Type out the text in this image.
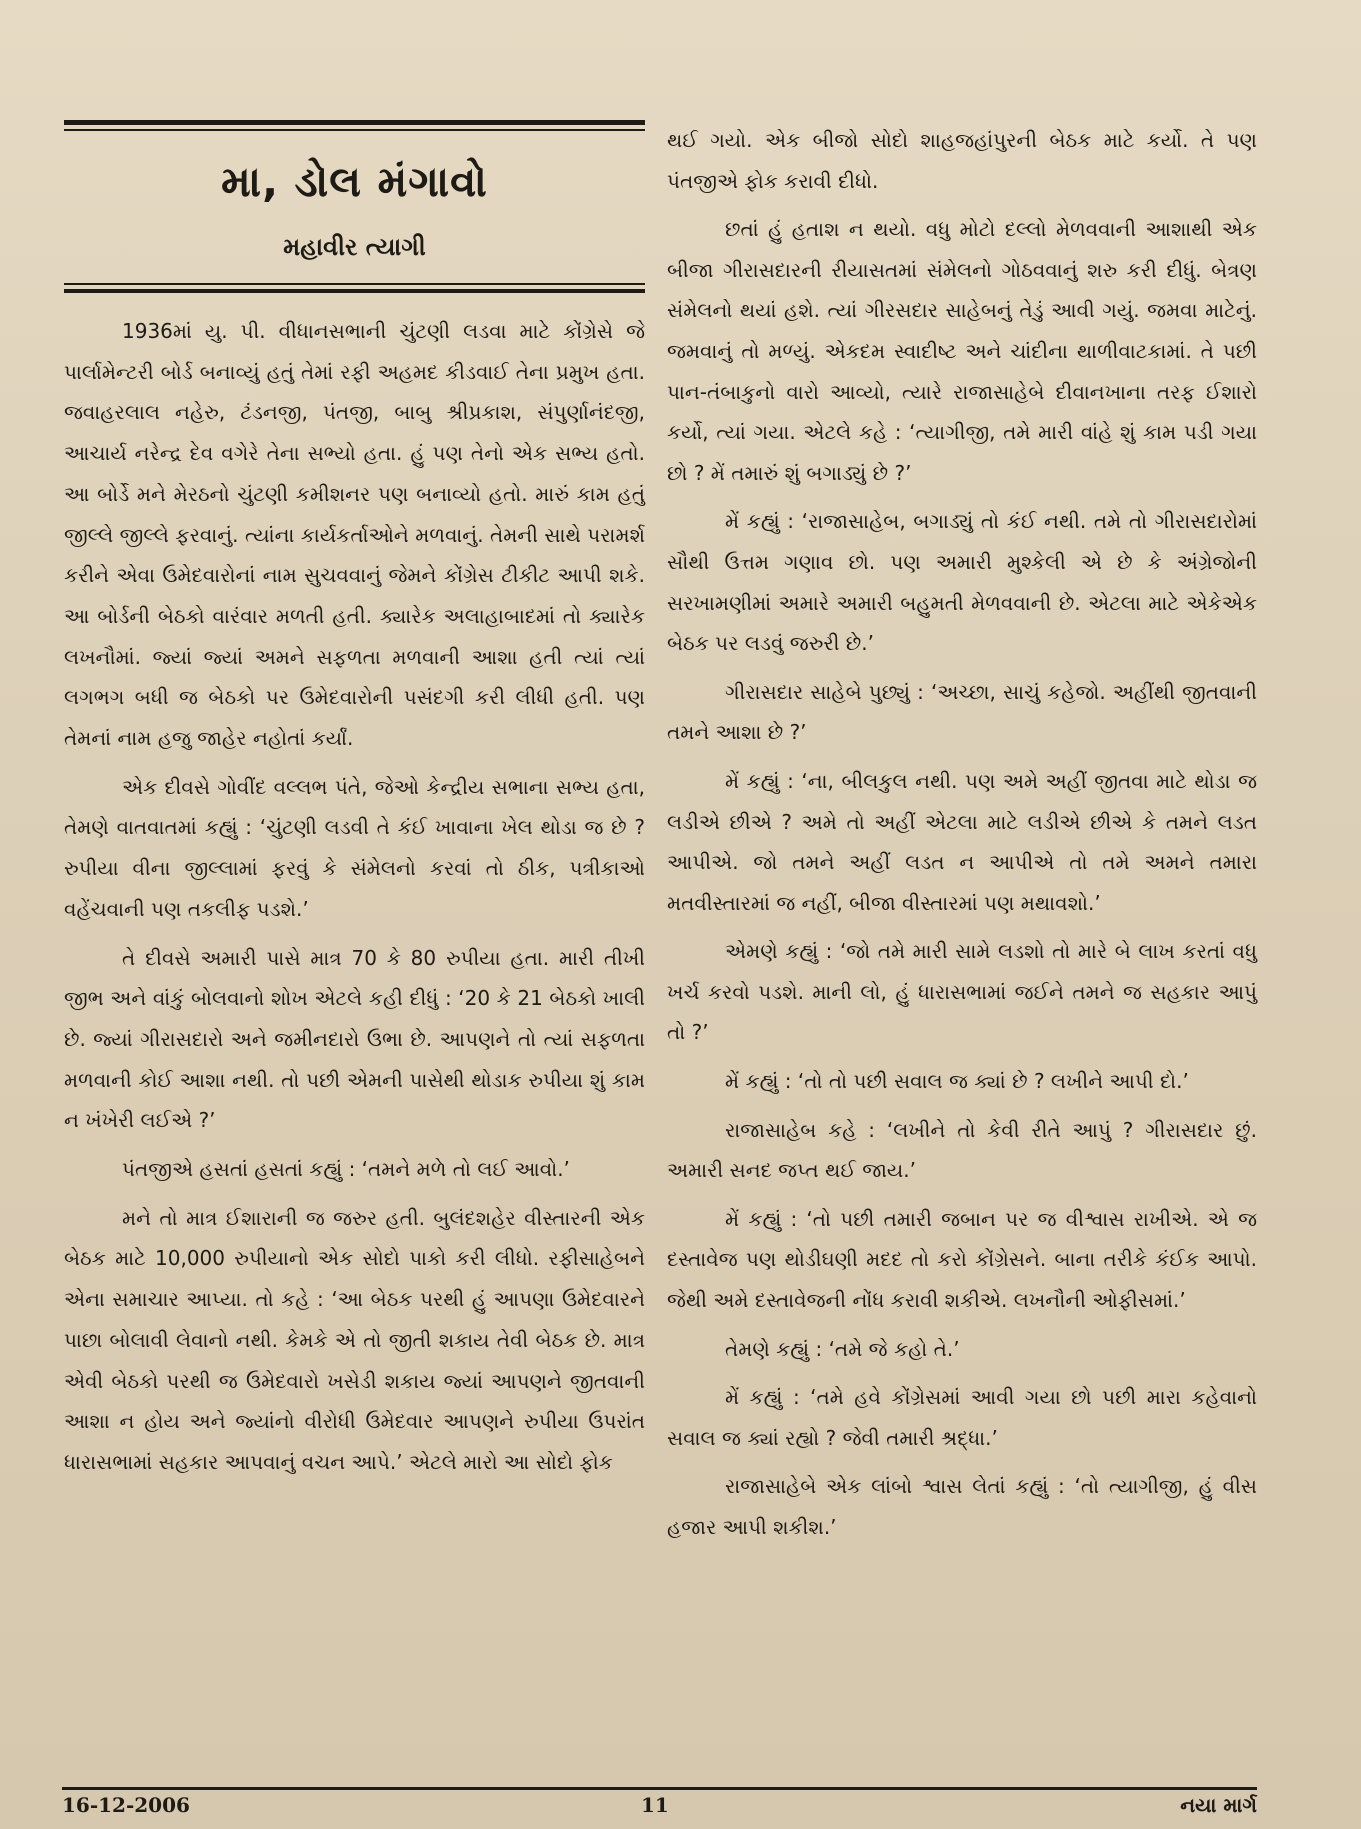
મા, ડોલ મંગાવો
મહાવીર ત્યાગી

1936માં યુ. પી. વીધાનસભાની ચુંટણી લડવા માટે કોંગ્રેસે જે પાર્લામેન્ટરી બોર્ડ બનાવ્યું હતું તેમાં રફી અહમદ કીડવાઈ તેના પ્રમુખ હતા. જવાહરલાલ નહેરુ, ટંડનજી, પંતજી, બાબુ શ્રીપ્રકાશ, સંપુર્ણાનંદજી, આચાર્ય નરેન્દ્ર દેવ વગેરે તેના સભ્યો હતા. હું પણ તેનો એક સભ્ય હતો. આ બોર્ડે મને મેરઠનો ચુંટણી કમીશનર પણ બનાવ્યો હતો. મારું કામ હતું જીલ્લે જીલ્લે ફરવાનું. ત્યાંના કાર્યકર્તાઓને મળવાનું. તેમની સાથે પરામર્શ કરીને એવા ઉમેદવારોનાં નામ સુચવવાનું જેમને કોંગ્રેસ ટીકીટ આપી શકે. આ બોર્ડની બેઠકો વારંવાર મળતી હતી. ક્યારેક અલાહાબાદમાં તો ક્યારેક લખનૌમાં. જ્યાં જ્યાં અમને સફળતા મળવાની આશા હતી ત્યાં ત્યાં લગભગ બધી જ બેઠકો પર ઉમેદવારોની પસંદગી કરી લીધી હતી. પણ તેમનાં નામ હજુ જાહેર નહોતાં કર્યાં.

એક દીવસે ગોવીંદ વલ્લભ પંતે, જેઓ કેન્દ્રીય સભાના સભ્ય હતા, તેમણે વાતવાતમાં કહ્યું : ‘ચુંટણી લડવી તે કંઈ ખાવાના ખેલ થોડા જ છે ? રુપીયા વીના જીલ્લામાં ફરવું કે સંમેલનો કરવાં તો ઠીક, પત્રીકાઓ વહેંચવાની પણ તકલીફ પડશે.’

તે દીવસે અમારી પાસે માત્ર 70 કે 80 રુપીયા હતા. મારી તીખી જીભ અને વાંકું બોલવાનો શોખ એટલે કહી દીધું : ‘20 કે 21 બેઠકો ખાલી છે. જ્યાં ગીરાસદારો અને જમીનદારો ઉભા છે. આપણને તો ત્યાં સફળતા મળવાની કોઈ આશા નથી. તો પછી એમની પાસેથી થોડાક રુપીયા શું કામ ન ખંખેરી લઈએ ?’

પંતજીએ હસતાં હસતાં કહ્યું : ‘તમને મળે તો લઈ આવો.’

મને તો માત્ર ઈશારાની જ જરુર હતી. બુલંદશહેર વીસ્તારની એક બેઠક માટે 10,000 રુપીયાનો એક સોદો પાકો કરી લીધો. રફીસાહેબને એના સમાચાર આપ્યા. તો કહે : ‘આ બેઠક પરથી હું આપણા ઉમેદવારને પાછા બોલાવી લેવાનો નથી. કેમકે એ તો જીતી શકાય તેવી બેઠક છે. માત્ર એવી બેઠકો પરથી જ ઉમેદવારો ખસેડી શકાય જ્યાં આપણને જીતવાની આશા ન હોય અને જ્યાંનો વીરોધી ઉમેદવાર આપણને રુપીયા ઉપરાંત ધારાસભામાં સહકાર આપવાનું વચન આપે.’ એટલે મારો આ સોદો ફોક

થઈ ગયો. એક બીજો સોદો શાહજહાંપુરની બેઠક માટે કર્યો. તે પણ પંતજીએ ફોક કરાવી દીધો.

છતાં હું હતાશ ન થયો. વધુ મોટો દલ્લો મેળવવાની આશાથી એક બીજા ગીરાસદારની રીયાસતમાં સંમેલનો ગોઠવવાનું શરુ કરી દીધું. બેત્રણ સંમેલનો થયાં હશે. ત્યાં ગીરસદાર સાહેબનું તેડું આવી ગયું. જમવા માટેનું. જમવાનું તો મળ્યું. એકદમ સ્વાદીષ્ટ અને ચાંદીના થાળીવાટકામાં. તે પછી પાન-તંબાકુનો વારો આવ્યો, ત્યારે રાજાસાહેબે દીવાનખાના તરફ ઈશારો કર્યો, ત્યાં ગયા. એટલે કહે : ‘ત્યાગીજી, તમે મારી વાંહે શું કામ પડી ગયા છો ? મેં તમારું શું બગાડ્યું છે ?’

મેં કહ્યું : ‘રાજાસાહેબ, બગાડ્યું તો કંઈ નથી. તમે તો ગીરાસદારોમાં સૌથી ઉત્તમ ગણાવ છો. પણ અમારી મુશ્કેલી એ છે કે અંગ્રેજોની સરખામણીમાં અમારે અમારી બહુમતી મેળવવાની છે. એટલા માટે એકેએક બેઠક પર લડવું જરુરી છે.’

ગીરાસદાર સાહેબે પુછ્યું : ‘અચ્છા, સાચું કહેજો. અહીંથી જીતવાની તમને આશા છે ?’

મેં કહ્યું : ‘ના, બીલકુલ નથી. પણ અમે અહીં જીતવા માટે થોડા જ લડીએ છીએ ? અમે તો અહીં એટલા માટે લડીએ છીએ કે તમને લડત આપીએ. જો તમને અહીં લડત ન આપીએ તો તમે અમને તમારા મતવીસ્તારમાં જ નહીં, બીજા વીસ્તારમાં પણ મથાવશો.’

એમણે કહ્યું : ‘જો તમે મારી સામે લડશો તો મારે બે લાખ કરતાં વધુ ખર્ચ કરવો પડશે. માની લો, હું ધારાસભામાં જઈને તમને જ સહકાર આપું તો ?’

મેં કહ્યું : ‘તો તો પછી સવાલ જ ક્યાં છે ? લખીને આપી દો.’

રાજાસાહેબ કહે : ‘લખીને તો કેવી રીતે આપું ? ગીરાસદાર છું. અમારી સનદ જપ્ત થઈ જાય.’

મેં કહ્યું : ‘તો પછી તમારી જબાન પર જ વીશ્વાસ રાખીએ. એ જ દસ્તાવેજ પણ થોડીઘણી મદદ તો કરો કોંગ્રેસને. બાના તરીકે કંઈક આપો. જેથી અમે દસ્તાવેજની નોંધ કરાવી શકીએ. લખનૌની ઓફીસમાં.’

તેમણે કહ્યું : ‘તમે જે કહો તે.’

મેં કહ્યું : ‘તમે હવે કોંગ્રેસમાં આવી ગયા છો પછી મારા કહેવાનો સવાલ જ ક્યાં રહ્યો ? જેવી તમારી શ્રદ્ધા.’

રાજાસાહેબે એક લાંબો શ્વાસ લેતાં કહ્યું : ‘તો ત્યાગીજી, હું વીસ હજાર આપી શકીશ.’

16-12-2006	11	નયા માર્ગ
